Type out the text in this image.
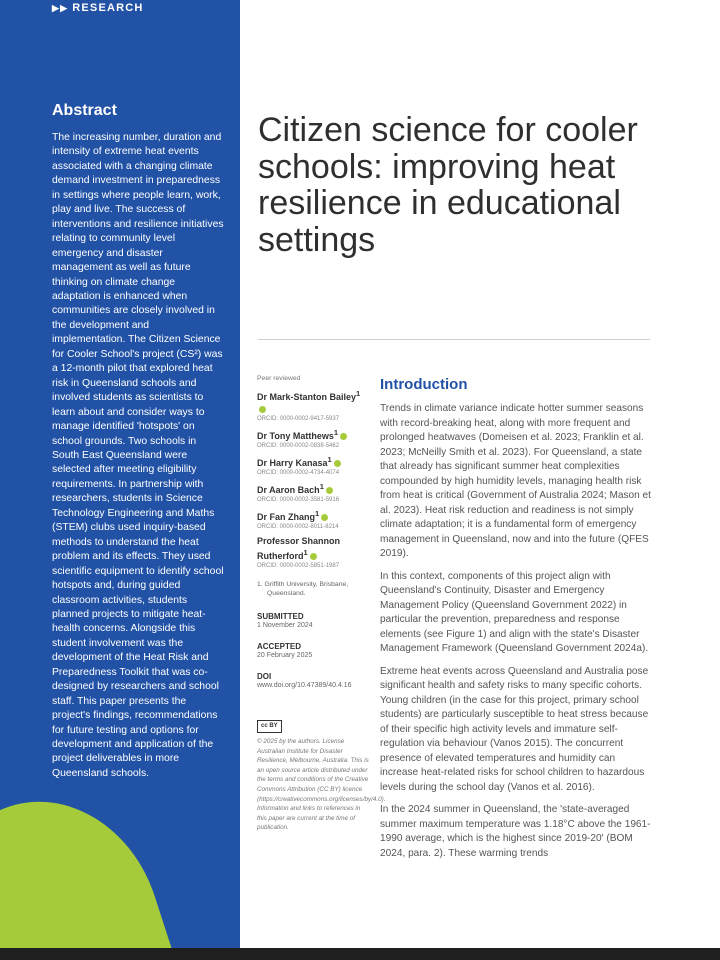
▶▶ RESEARCH
Abstract

The increasing number, duration and intensity of extreme heat events associated with a changing climate demand investment in preparedness in settings where people learn, work, play and live. The success of interventions and resilience initiatives relating to community level emergency and disaster management as well as future thinking on climate change adaptation is enhanced when communities are closely involved in the development and implementation. The Citizen Science for Cooler School's project (CS²) was a 12-month pilot that explored heat risk in Queensland schools and involved students as scientists to learn about and consider ways to manage identified 'hotspots' on school grounds. Two schools in South East Queensland were selected after meeting eligibility requirements. In partnership with researchers, students in Science Technology Engineering and Maths (STEM) clubs used inquiry-based methods to understand the heat problem and its effects. They used scientific equipment to identify school hotspots and, during guided classroom activities, students planned projects to mitigate heat-health concerns. Alongside this student involvement was the development of the Heat Risk and Preparedness Toolkit that was co-designed by researchers and school staff. This paper presents the project's findings, recommendations for future testing and options for development and application of the project deliverables in more Queensland schools.

Citizen science for cooler schools: improving heat resilience in educational settings
Peer reviewed
Dr Mark-Stanton Bailey$^1$
ORCID: 0000-0002-9417-5937
Dr Tony Matthews$^1$
ORCID: 0000-0002-0838-5462
Dr Harry Kanasa$^1$
ORCID: 0000-0002-4734-4074
Dr Aaron Bach$^1$
ORCID: 0000-0002-3581-5916
Dr Fan Zhang$^1$
ORCID: 0000-0002-8011-8214
Professor Shannon Rutherford$^1$
ORCID: 0000-0002-5851-1987
1. Griffith University, Brisbane, Queensland.
SUBMITTED
1 November 2024
ACCEPTED
20 February 2025
DOI
www.doi.org/10.47389/40.4.16
cc BY
© 2025 by the authors. License Australian Institute for Disaster Resilience, Melbourne, Australia. This is an open source article distributed under the terms and conditions of the Creative Commons Attribution (CC BY) licence (https://creativecommons.org/licenses/by/4.0). Information and links to references in this paper are current at the time of publication.
Introduction

Trends in climate variance indicate hotter summer seasons with record-breaking heat, along with more frequent and prolonged heatwaves (Domeisen et al. 2023; Franklin et al. 2023; McNeilly Smith et al. 2023). For Queensland, a state that already has significant summer heat complexities compounded by high humidity levels, managing health risk from heat is critical (Government of Australia 2024; Mason et al. 2023). Heat risk reduction and readiness is not simply climate adaptation; it is a fundamental form of emergency management in Queensland, now and into the future (QFES 2019).

In this context, components of this project align with Queensland's Continuity, Disaster and Emergency Management Policy (Queensland Government 2022) in particular the prevention, preparedness and response elements (see Figure 1) and align with the state's Disaster Management Framework (Queensland Government 2024a).

Extreme heat events across Queensland and Australia pose significant health and safety risks to many specific cohorts. Young children (in the case for this project, primary school students) are particularly susceptible to heat stress because of their specific high activity levels and immature self-regulation via behaviour (Vanos 2015). The concurrent presence of elevated temperatures and humidity can increase heat-related risks for school children to hazardous levels during the school day (Vanos et al. 2016).

In the 2024 summer in Queensland, the 'state-averaged summer maximum temperature was 1.18°C above the 1961-1990 average, which is the highest since 2019-20' (BOM 2024, para. 2). These warming trends
